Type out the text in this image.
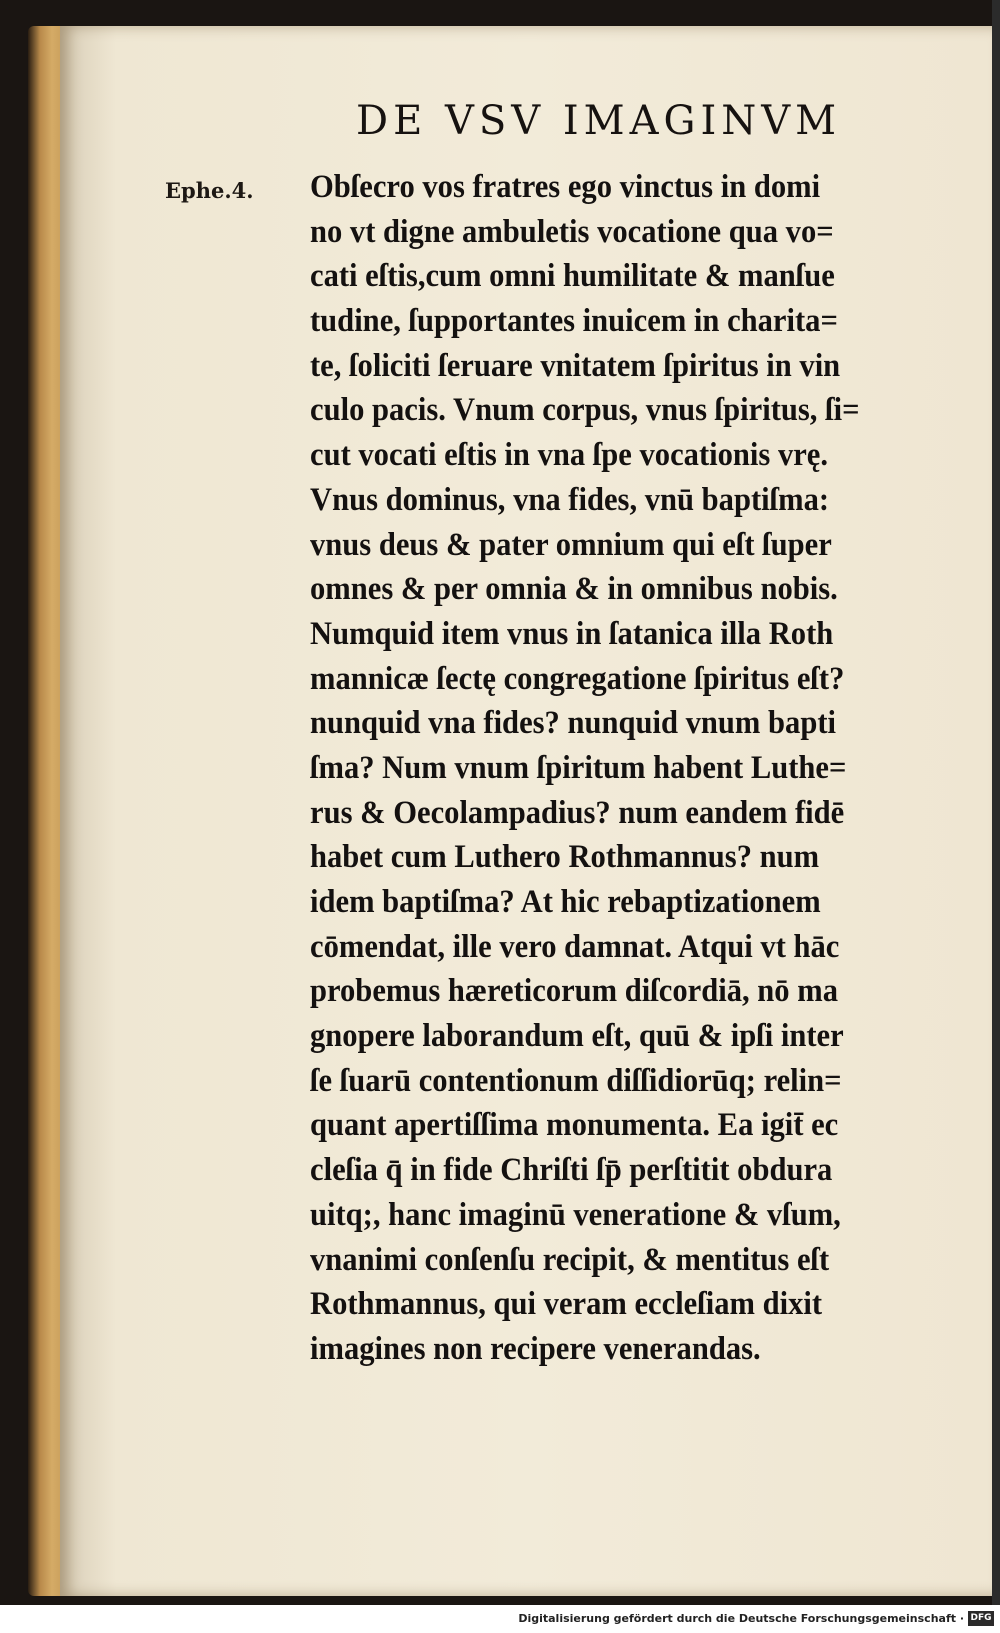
DE VSV IMAGINVM
Ephe.4. Obſecro vos fratres ego vinctus in domi
no vt digne ambuletis vocatione qua vo=
cati eſtis,cum omni humilitate & manſue
tudine, ſupportantes inuicem in charita=
te, ſoliciti ſeruare vnitatem ſpiritus in vin
culo pacis. Vnum corpus, vnus ſpiritus, ſi=
cut vocati eſtis in vna ſpe vocationis vrę.
Vnus dominus, vna fides, vnū baptiſma:
vnus deus & pater omnium qui eſt ſuper
omnes & per omnia & in omnibus nobis.
Numquid item vnus in ſatanica illa Roth
mannicæ ſectę congregatione ſpiritus eſt?
nunquid vna fides? nunquid vnum bapti
ſma? Num vnum ſpiritum habent Luthe=
rus & Oecolampadius? num eandem fidē
habet cum Luthero Rothmannus? num
idem baptiſma? At hic rebaptizationem
cōmendat, ille vero damnat. Atqui vt hāc
probemus hæreticorum diſcordiā, nō ma
gnopere laborandum eſt, quū & ipſi inter
ſe ſuarū contentionum diſſidiorūq; relin=
quant apertiſſima monumenta. Ea igit̄ ec
cleſia q̄ in fide Chriſti ſp̄ perſtitit obdura
uitq;, hanc imaginū veneratione & vſum,
vnanimi conſenſu recipit, & mentitus eſt
Rothmannus, qui veram eccleſiam dixit
imagines non recipere venerandas.
Digitalisierung gefördert durch die Deutsche Forschungsgemeinschaft · DFG
